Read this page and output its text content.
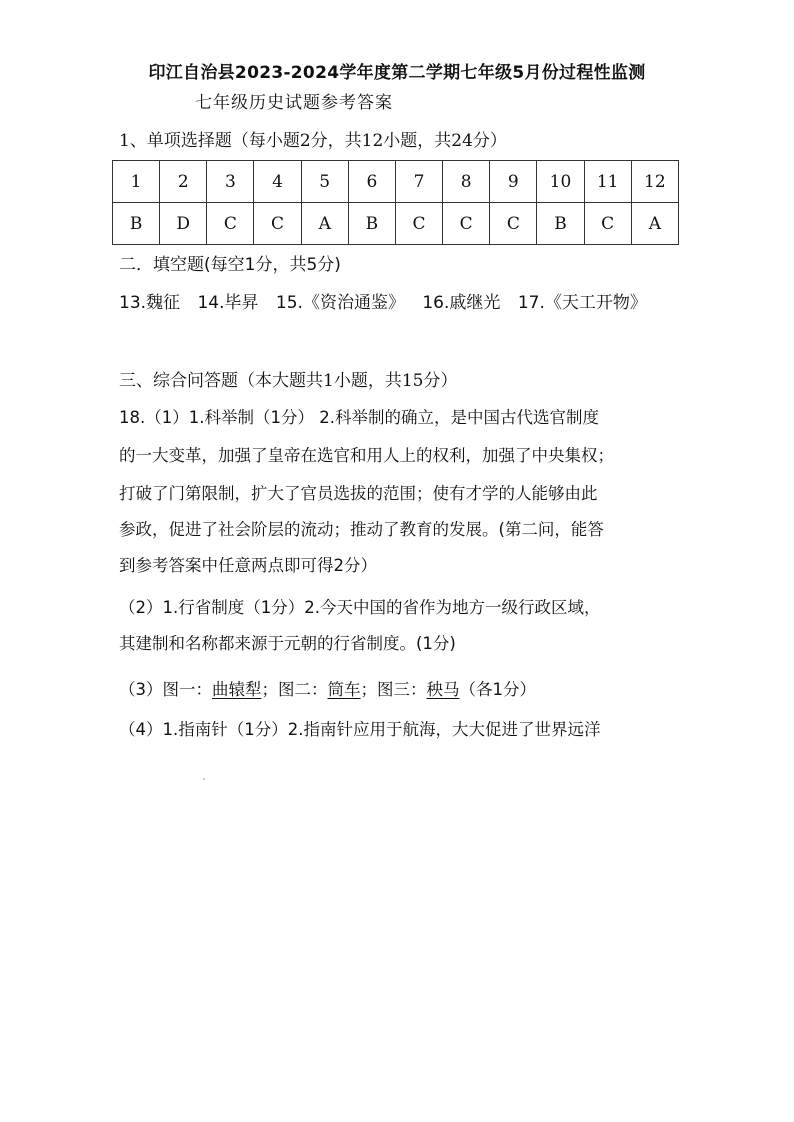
印江自治县2023-2024学年度第二学期七年级5月份过程性监测
七年级历史试题参考答案
1、单项选择题（每小题2分，共12小题，共24分）
1	2	3	4	5	6	7	8	9	10	11	12
B	D	C	C	A	B	C	C	C	B	C	A
二．填空题(每空1分，共5分)
13.魏征 14.毕昇 15.《资治通鉴》 16.戚继光 17.《天工开物》
三、综合问答题（本大题共1小题，共15分）
18.（1）1.科举制（1分） 2.科举制的确立，是中国古代选官制度
的一大变革，加强了皇帝在选官和用人上的权利，加强了中央集权；
打破了门第限制，扩大了官员选拔的范围；使有才学的人能够由此
参政，促进了社会阶层的流动；推动了教育的发展。(第二问，能答
到参考答案中任意两点即可得2分）
（2）1.行省制度（1分）2.今天中国的省作为地方一级行政区域，
其建制和名称都来源于元朝的行省制度。(1分)
（3）图一：曲辕犁；图二：筒车；图三：秧马（各1分）
（4）1.指南针（1分）2.指南针应用于航海，大大促进了世界远洋
